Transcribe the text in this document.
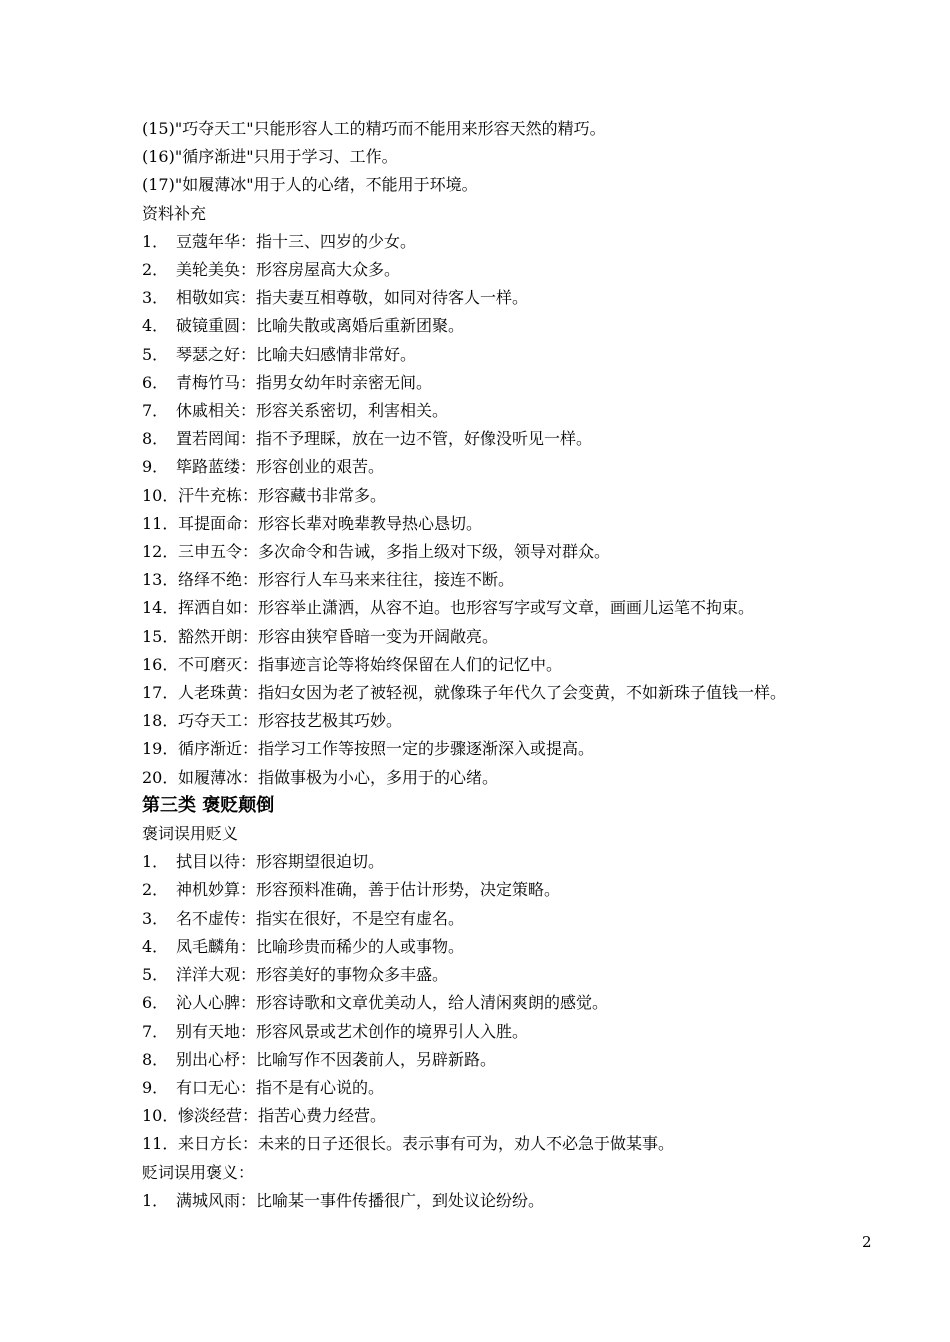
(15)"巧夺天工"只能形容人工的精巧而不能用来形容天然的精巧。
(16)"循序渐进"只用于学习、工作。
(17)"如履薄冰"用于人的心绪，不能用于环境。
资料补充
1． 豆蔻年华：指十三、四岁的少女。
2． 美轮美奂：形容房屋高大众多。
3． 相敬如宾：指夫妻互相尊敬，如同对待客人一样。
4． 破镜重圆：比喻失散或离婚后重新团聚。
5． 琴瑟之好：比喻夫妇感情非常好。
6． 青梅竹马：指男女幼年时亲密无间。
7． 休戚相关：形容关系密切，利害相关。
8． 置若罔闻：指不予理睬，放在一边不管，好像没听见一样。
9． 筚路蓝缕：形容创业的艰苦。
10．汗牛充栋：形容藏书非常多。
11．耳提面命：形容长辈对晚辈教导热心恳切。
12．三申五令：多次命令和告诫，多指上级对下级，领导对群众。
13．络绎不绝：形容行人车马来来往往，接连不断。
14．挥洒自如：形容举止潇洒，从容不迫。也形容写字或写文章，画画儿运笔不拘束。
15．豁然开朗：形容由狭窄昏暗一变为开阔敞亮。
16．不可磨灭：指事迹言论等将始终保留在人们的记忆中。
17．人老珠黄：指妇女因为老了被轻视，就像珠子年代久了会变黄，不如新珠子值钱一样。
18．巧夺天工：形容技艺极其巧妙。
19．循序渐近：指学习工作等按照一定的步骤逐渐深入或提高。
20．如履薄冰：指做事极为小心，多用于的心绪。
第三类 褒贬颠倒
褒词误用贬义
1． 拭目以待：形容期望很迫切。
2． 神机妙算：形容预料准确，善于估计形势，决定策略。
3． 名不虚传：指实在很好，不是空有虚名。
4． 凤毛麟角：比喻珍贵而稀少的人或事物。
5． 洋洋大观：形容美好的事物众多丰盛。
6． 沁人心脾：形容诗歌和文章优美动人，给人清闲爽朗的感觉。
7． 别有天地：形容风景或艺术创作的境界引人入胜。
8． 别出心杼：比喻写作不因袭前人，另辟新路。
9． 有口无心：指不是有心说的。
10．惨淡经营：指苦心费力经营。
11．来日方长：未来的日子还很长。表示事有可为，劝人不必急于做某事。
贬词误用褒义：
1． 满城风雨：比喻某一事件传播很广，到处议论纷纷。
2
